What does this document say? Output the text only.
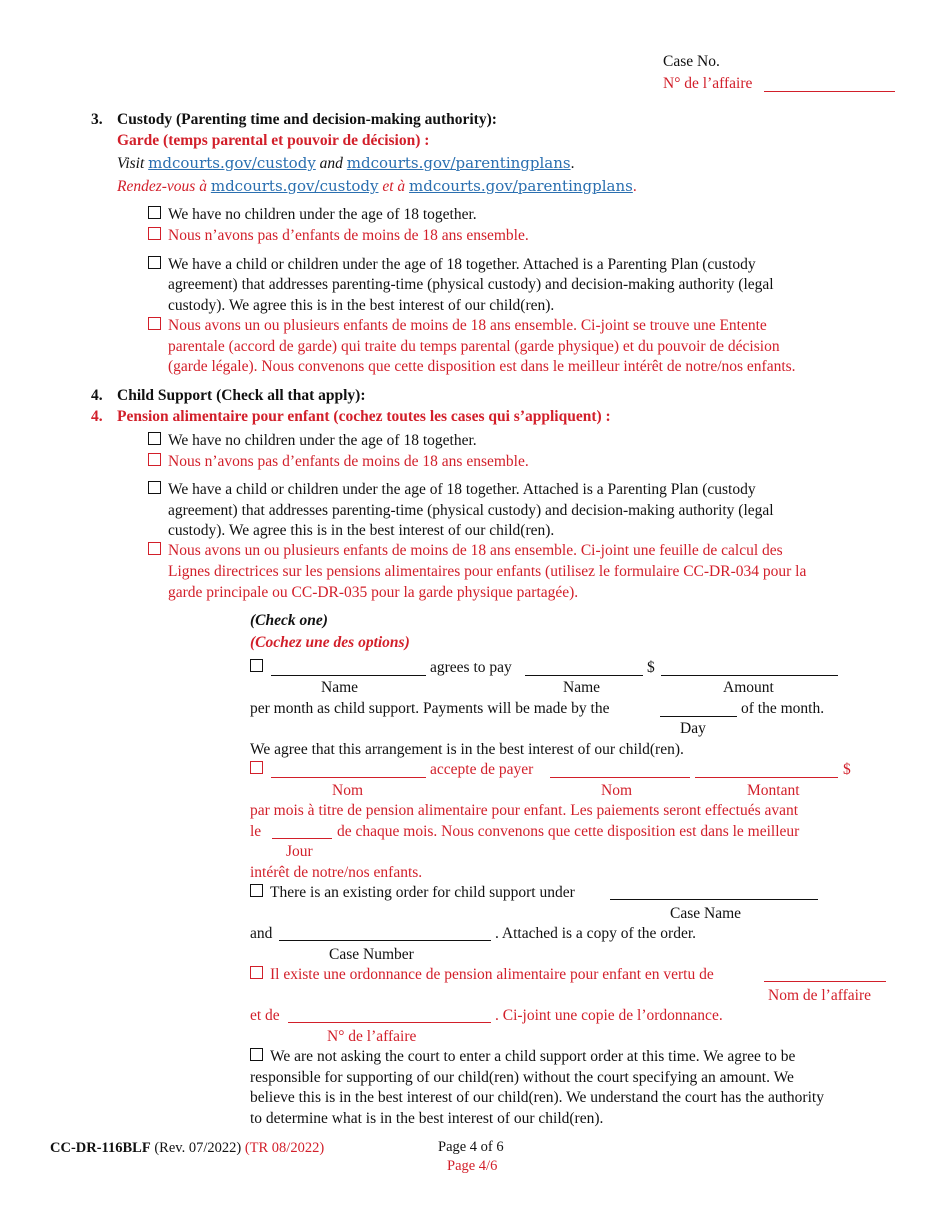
Case No.
N° de l’affaire
3. Custody (Parenting time and decision-making authority):
Garde (temps parental et pouvoir de décision) :
Visit mdcourts.gov/custody and mdcourts.gov/parentingplans.
Rendez-vous à mdcourts.gov/custody et à mdcourts.gov/parentingplans.
We have no children under the age of 18 together.
Nous n’avons pas d’enfants de moins de 18 ans ensemble.
We have a child or children under the age of 18 together. Attached is a Parenting Plan (custody
agreement) that addresses parenting-time (physical custody) and decision-making authority (legal
custody). We agree this is in the best interest of our child(ren).
Nous avons un ou plusieurs enfants de moins de 18 ans ensemble. Ci-joint se trouve une Entente
parentale (accord de garde) qui traite du temps parental (garde physique) et du pouvoir de décision
(garde légale). Nous convenons que cette disposition est dans le meilleur intérêt de notre/nos enfants.
4. Child Support (Check all that apply):
4. Pension alimentaire pour enfant (cochez toutes les cases qui s’appliquent) :
We have no children under the age of 18 together.
Nous n’avons pas d’enfants de moins de 18 ans ensemble.
We have a child or children under the age of 18 together. Attached is a Parenting Plan (custody
agreement) that addresses parenting-time (physical custody) and decision-making authority (legal
custody). We agree this is in the best interest of our child(ren).
Nous avons un ou plusieurs enfants de moins de 18 ans ensemble. Ci-joint une feuille de calcul des
Lignes directrices sur les pensions alimentaires pour enfants (utilisez le formulaire CC-DR-034 pour la
garde principale ou CC-DR-035 pour la garde physique partagée).
(Check one)
(Cochez une des options)
agrees to pay	$
Name	Name	Amount
per month as child support. Payments will be made by the	of the month.
Day
We agree that this arrangement is in the best interest of our child(ren).
accepte de payer	$
Nom	Nom	Montant
par mois à titre de pension alimentaire pour enfant. Les paiements seront effectués avant
le	de chaque mois. Nous convenons que cette disposition est dans le meilleur
Jour
intérêt de notre/nos enfants.
There is an existing order for child support under
Case Name
and	. Attached is a copy of the order.
Case Number
Il existe une ordonnance de pension alimentaire pour enfant en vertu de
Nom de l’affaire
et de	. Ci-joint une copie de l’ordonnance.
N° de l’affaire
We are not asking the court to enter a child support order at this time. We agree to be
responsible for supporting of our child(ren) without the court specifying an amount. We
believe this is in the best interest of our child(ren). We understand the court has the authority
to determine what is in the best interest of our child(ren).
CC-DR-116BLF (Rev. 07/2022) (TR 08/2022)	Page 4 of 6
Page 4/6
